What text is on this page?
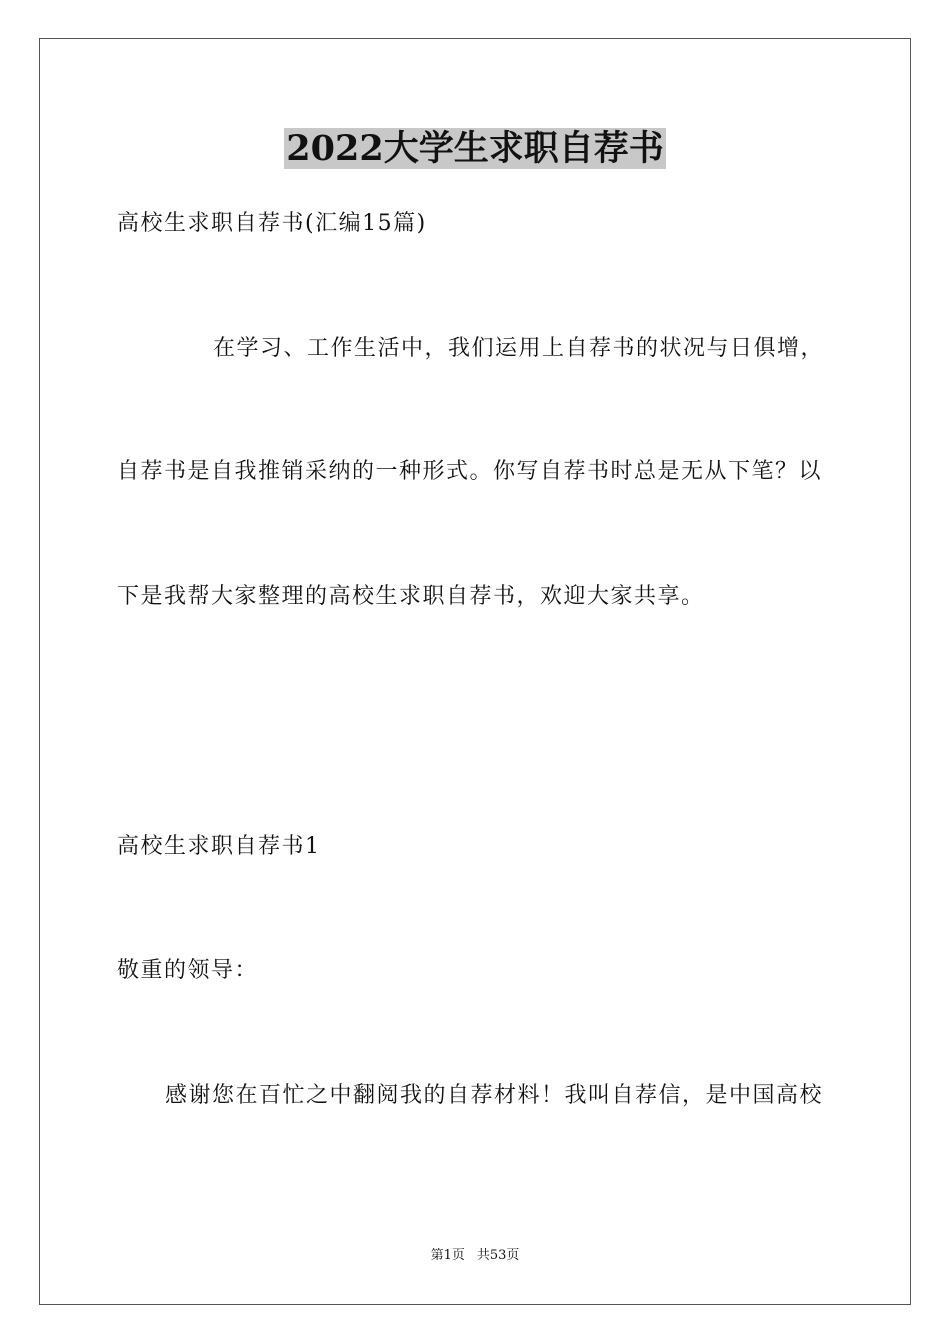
2022大学生求职自荐书
高校生求职自荐书(汇编15篇)
在学习、工作生活中，我们运用上自荐书的状况与日俱增，
自荐书是自我推销采纳的一种形式。你写自荐书时总是无从下笔？以
下是我帮大家整理的高校生求职自荐书，欢迎大家共享。
高校生求职自荐书1
敬重的领导：
感谢您在百忙之中翻阅我的自荐材料！我叫自荐信，是中国高校
第1页 共53页
